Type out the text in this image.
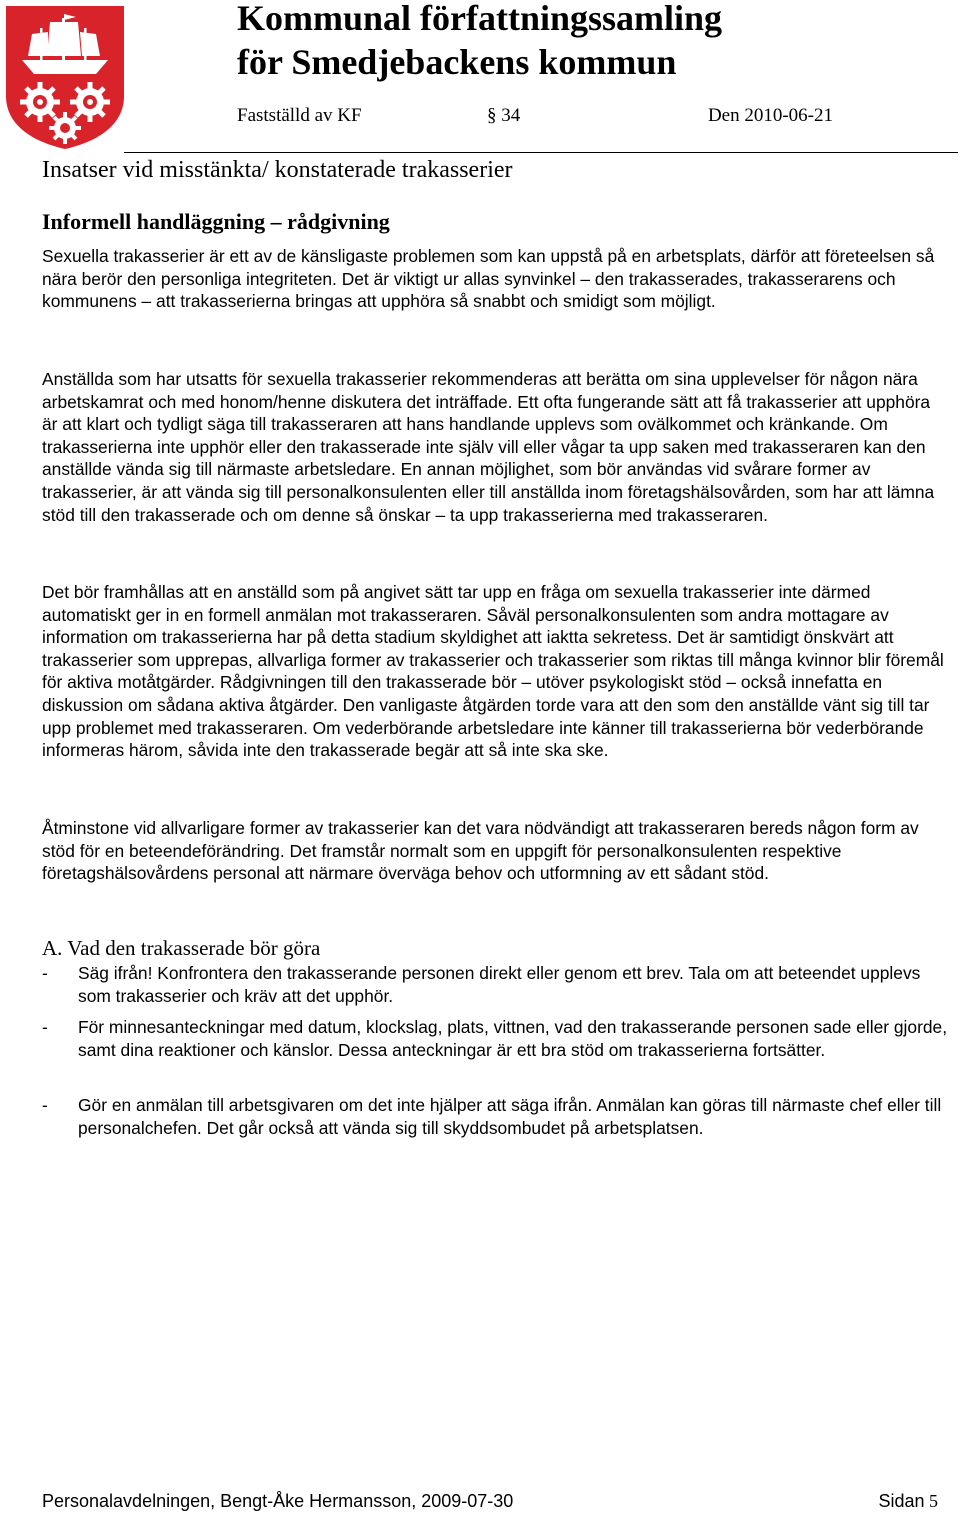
Kommunal författningssamling
för Smedjebackens kommun
Fastställd av KF	§ 34	Den 2010-06-21
Insatser vid misstänkta/ konstaterade trakasserier
Informell handläggning – rådgivning

Sexuella trakasserier är ett av de känsligaste problemen som kan uppstå på en arbetsplats, därför att företeelsen så nära berör den personliga integriteten. Det är viktigt ur allas synvinkel – den trakasserades, trakasserarens och kommunens – att trakasserierna bringas att upphöra så snabbt och smidigt som möjligt.

Anställda som har utsatts för sexuella trakasserier rekommenderas att berätta om sina upplevelser för någon nära arbetskamrat och med honom/henne diskutera det inträffade. Ett ofta fungerande sätt att få trakasserier att upphöra är att klart och tydligt säga till trakasseraren att hans handlande upplevs som ovälkommet och kränkande. Om trakasserierna inte upphör eller den trakasserade inte själv vill eller vågar ta upp saken med trakasseraren kan den anställde vända sig till närmaste arbetsledare. En annan möjlighet, som bör användas vid svårare former av trakasserier, är att vända sig till personalkonsulenten eller till anställda inom företagshälsovården, som har att lämna stöd till den trakasserade och om denne så önskar – ta upp trakasserierna med trakasseraren.

Det bör framhållas att en anställd som på angivet sätt tar upp en fråga om sexuella trakasserier inte därmed automatiskt ger in en formell anmälan mot trakasseraren. Såväl personalkonsulenten som andra mottagare av information om trakasserierna har på detta stadium skyldighet att iaktta sekretess. Det är samtidigt önskvärt att trakasserier som upprepas, allvarliga former av trakasserier och trakasserier som riktas till många kvinnor blir föremål för aktiva motåtgärder. Rådgivningen till den trakasserade bör – utöver psykologiskt stöd – också innefatta en diskussion om sådana aktiva åtgärder. Den vanligaste åtgärden torde vara att den som den anställde vänt sig till tar upp problemet med trakasseraren. Om vederbörande arbetsledare inte känner till trakasserierna bör vederbörande informeras härom, såvida inte den trakasserade begär att så inte ska ske.

Åtminstone vid allvarligare former av trakasserier kan det vara nödvändigt att trakasseraren bereds någon form av stöd för en beteendeförändring. Det framstår normalt som en uppgift för personalkonsulenten respektive företagshälsovårdens personal att närmare överväga behov och utformning av ett sådant stöd.

A. Vad den trakasserade bör göra
- Säg ifrån! Konfrontera den trakasserande personen direkt eller genom ett brev. Tala om att beteendet upplevs som trakasserier och kräv att det upphör.
- För minnesanteckningar med datum, klockslag, plats, vittnen, vad den trakasserande personen sade eller gjorde, samt dina reaktioner och känslor. Dessa anteckningar är ett bra stöd om trakasserierna fortsätter.
- Gör en anmälan till arbetsgivaren om det inte hjälper att säga ifrån. Anmälan kan göras till närmaste chef eller till personalchefen. Det går också att vända sig till skyddsombudet på arbetsplatsen.
Personalavdelningen, Bengt-Åke Hermansson, 2009-07-30	Sidan 5
